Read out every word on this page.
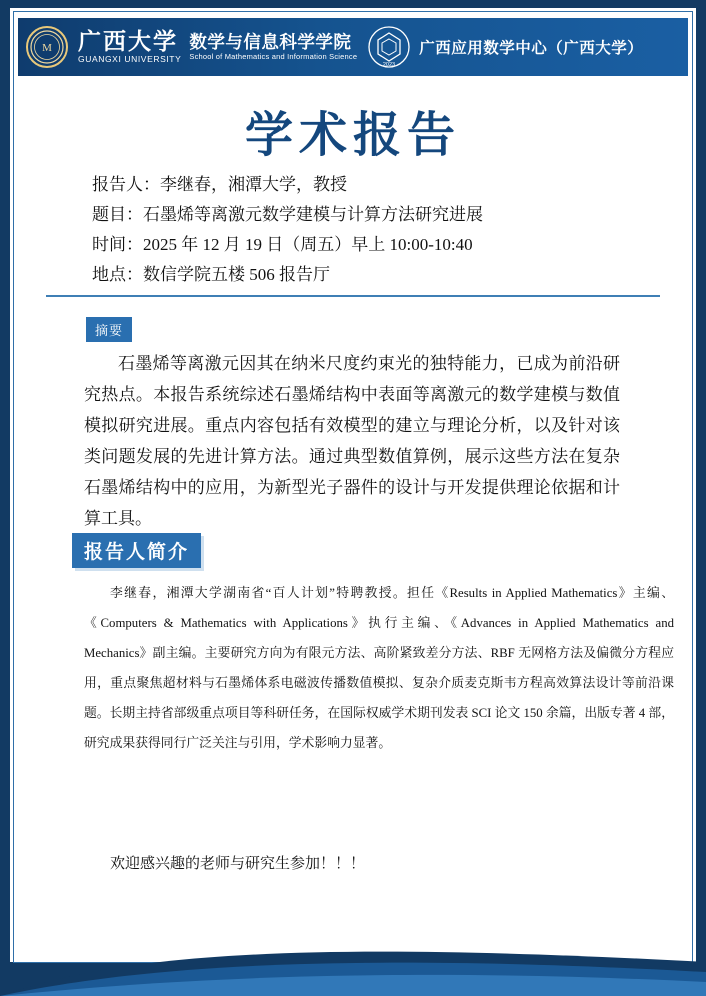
M 广西大学
GUANGXI UNIVERSITY
数学与信息科学学院
School of Mathematics and Information Science
2023
广西应用数学中心（广西大学）
学术报告
报告人：李继春，湘潭大学，教授
题目：石墨烯等离激元数学建模与计算方法研究进展
时间：2025 年 12 月 19 日（周五）早上 10:00-10:40
地点：数信学院五楼 506 报告厅
摘要
石墨烯等离激元因其在纳米尺度约束光的独特能力，已成为前沿研究热点。本报告系统综述石墨烯结构中表面等离激元的数学建模与数值模拟研究进展。重点内容包括有效模型的建立与理论分析，以及针对该类问题发展的先进计算方法。通过典型数值算例，展示这些方法在复杂石墨烯结构中的应用，为新型光子器件的设计与开发提供理论依据和计算工具。
报告人简介
李继春，湘潭大学湖南省“百人计划”特聘教授。担任《Results in Applied Mathematics》主编、《Computers & Mathematics with Applications》执行主编、《Advances in Applied Mathematics and Mechanics》副主编。主要研究方向为有限元方法、高阶紧致差分方法、RBF 无网格方法及偏微分方程应用，重点聚焦超材料与石墨烯体系电磁波传播数值模拟、复杂介质麦克斯韦方程高效算法设计等前沿课题。长期主持省部级重点项目等科研任务，在国际权威学术期刊发表 SCI 论文 150 余篇，出版专著 4 部，研究成果获得同行广泛关注与引用，学术影响力显著。
欢迎感兴趣的老师与研究生参加！！！
